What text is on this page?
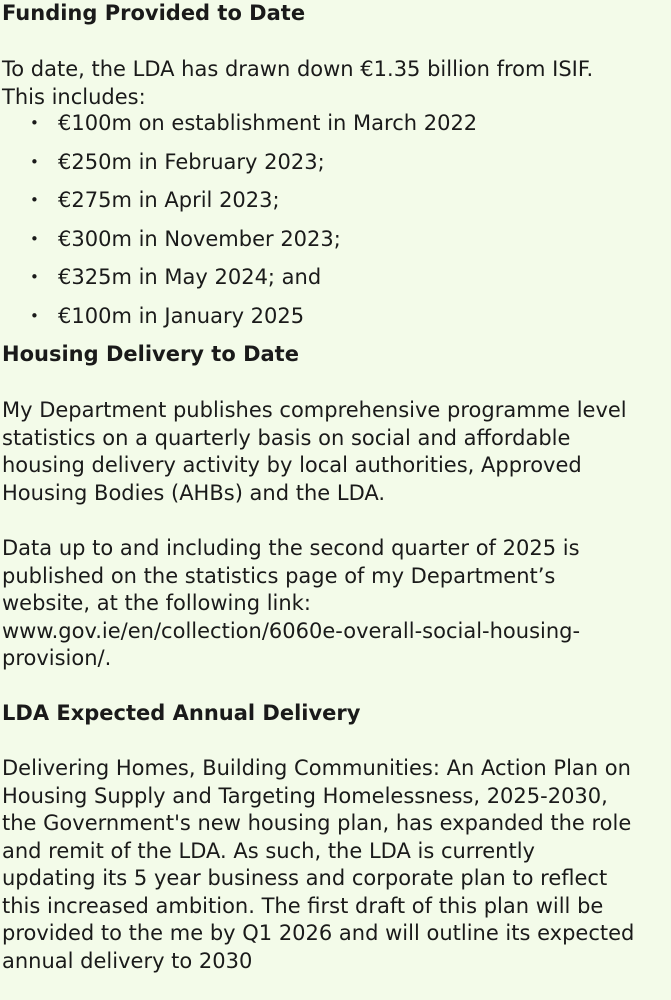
Funding Provided to Date

To date, the LDA has drawn down €1.35 billion from ISIF.
This includes:

• €100m on establishment in March 2022
• €250m in February 2023;
• €275m in April 2023;
• €300m in November 2023;
• €325m in May 2024; and
• €100m in January 2025
Housing Delivery to Date

My Department publishes comprehensive programme level
statistics on a quarterly basis on social and affordable
housing delivery activity by local authorities, Approved
Housing Bodies (AHBs) and the LDA.

Data up to and including the second quarter of 2025 is
published on the statistics page of my Department’s
website, at the following link:
www.gov.ie/en/collection/6060e-overall-social-housing-
provision/.

LDA Expected Annual Delivery

Delivering Homes, Building Communities: An Action Plan on
Housing Supply and Targeting Homelessness, 2025-2030,
the Government's new housing plan, has expanded the role
and remit of the LDA. As such, the LDA is currently
updating its 5 year business and corporate plan to reflect
this increased ambition. The first draft of this plan will be
provided to the me by Q1 2026 and will outline its expected
annual delivery to 2030
